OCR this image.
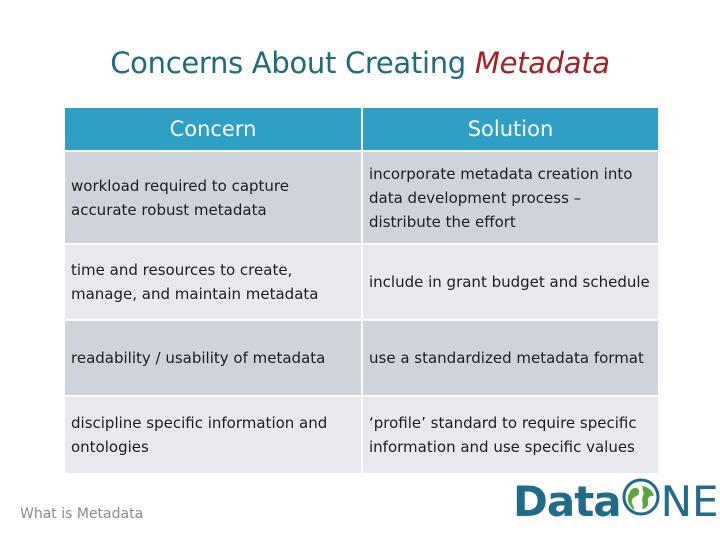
Concerns About Creating Metadata
Concern	Solution
workload required to capture accurate robust metadata	incorporate metadata creation into data development process – distribute the effort
time and resources to create, manage, and maintain metadata	include in grant budget and schedule
readability / usability of metadata	use a standardized metadata format
discipline specific information and ontologies	‘profile’ standard to require specific information and use specific values
What is Metadata	Data NE
